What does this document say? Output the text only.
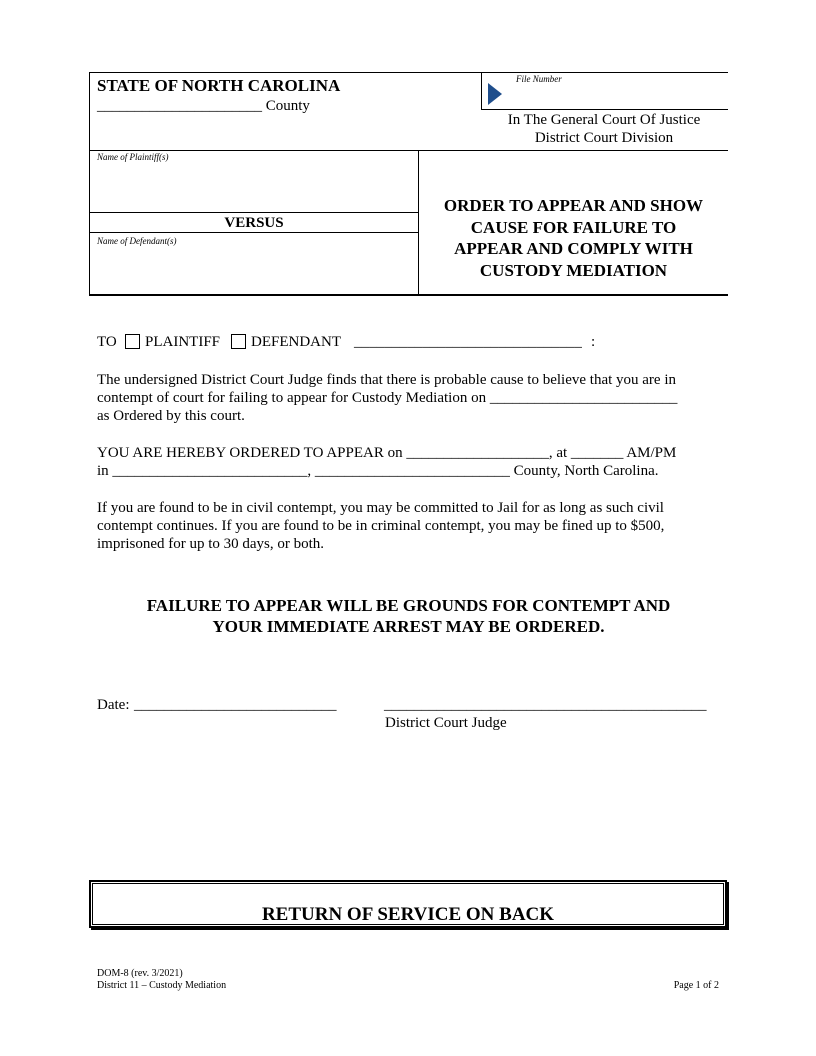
STATE OF NORTH CAROLINA
______________________ County
File Number
In The General Court Of Justice
District Court Division
Name of Plaintiff(s)
VERSUS
Name of Defendant(s)
ORDER TO APPEAR AND SHOW
CAUSE FOR FAILURE TO
APPEAR AND COMPLY WITH
CUSTODY MEDIATION
TO PLAINTIFF DEFENDANT ______________________________ :
The undersigned District Court Judge finds that there is probable cause to believe that you are in
contempt of court for failing to appear for Custody Mediation on _________________________
as Ordered by this court.
YOU ARE HEREBY ORDERED TO APPEAR on ___________________, at _______ AM/PM
in __________________________, __________________________ County, North Carolina.
If you are found to be in civil contempt, you may be committed to Jail for as long as such civil
contempt continues. If you are found to be in criminal contempt, you may be fined up to $500,
imprisoned for up to 30 days, or both.
FAILURE TO APPEAR WILL BE GROUNDS FOR CONTEMPT AND
YOUR IMMEDIATE ARREST MAY BE ORDERED.
Date: ___________________________	___________________________________________
District Court Judge
RETURN OF SERVICE ON BACK
DOM-8 (rev. 3/2021)
District 11 – Custody Mediation	Page 1 of 2
